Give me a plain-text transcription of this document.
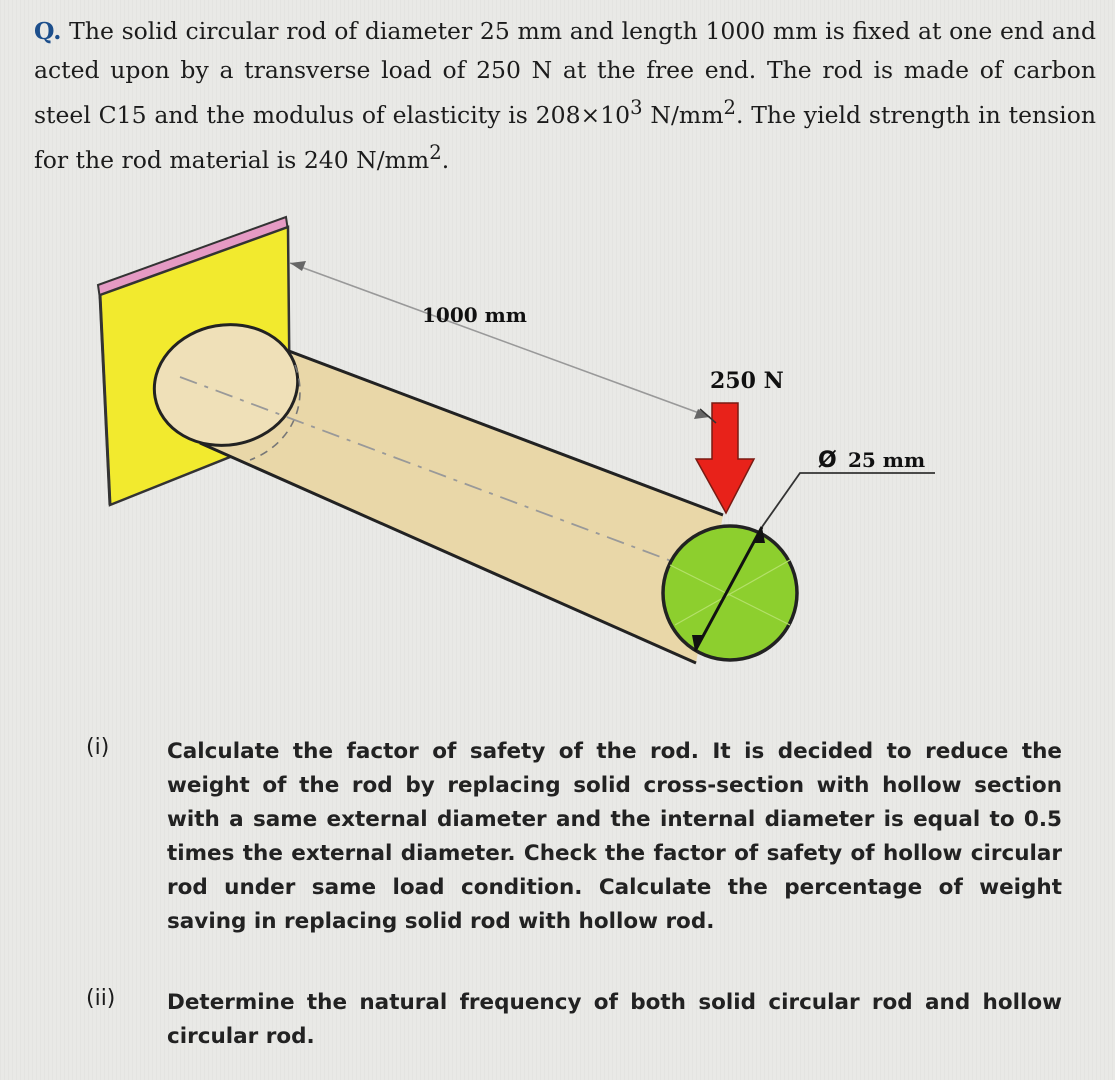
Q. The solid circular rod of diameter 25 mm and length 1000 mm is fixed at one end and acted upon by a transverse load of 250 N at the free end. The rod is made of carbon steel C15 and the modulus of elasticity is $208\times 10^3$ $N/mm^2$. The yield strength in tension for the rod material is 240 $N/mm^2$.

1000 mm
250 N
Ø 25 mm
(i)	Calculate the factor of safety of the rod. It is decided to reduce the weight of the rod by replacing solid cross-section with hollow section with a same external diameter and the internal diameter is equal to 0.5 times the external diameter. Check the factor of safety of hollow circular rod under same load condition. Calculate the percentage of weight saving in replacing solid rod with hollow rod.
(ii) Determine the natural frequency of both solid circular rod and hollow circular rod.
